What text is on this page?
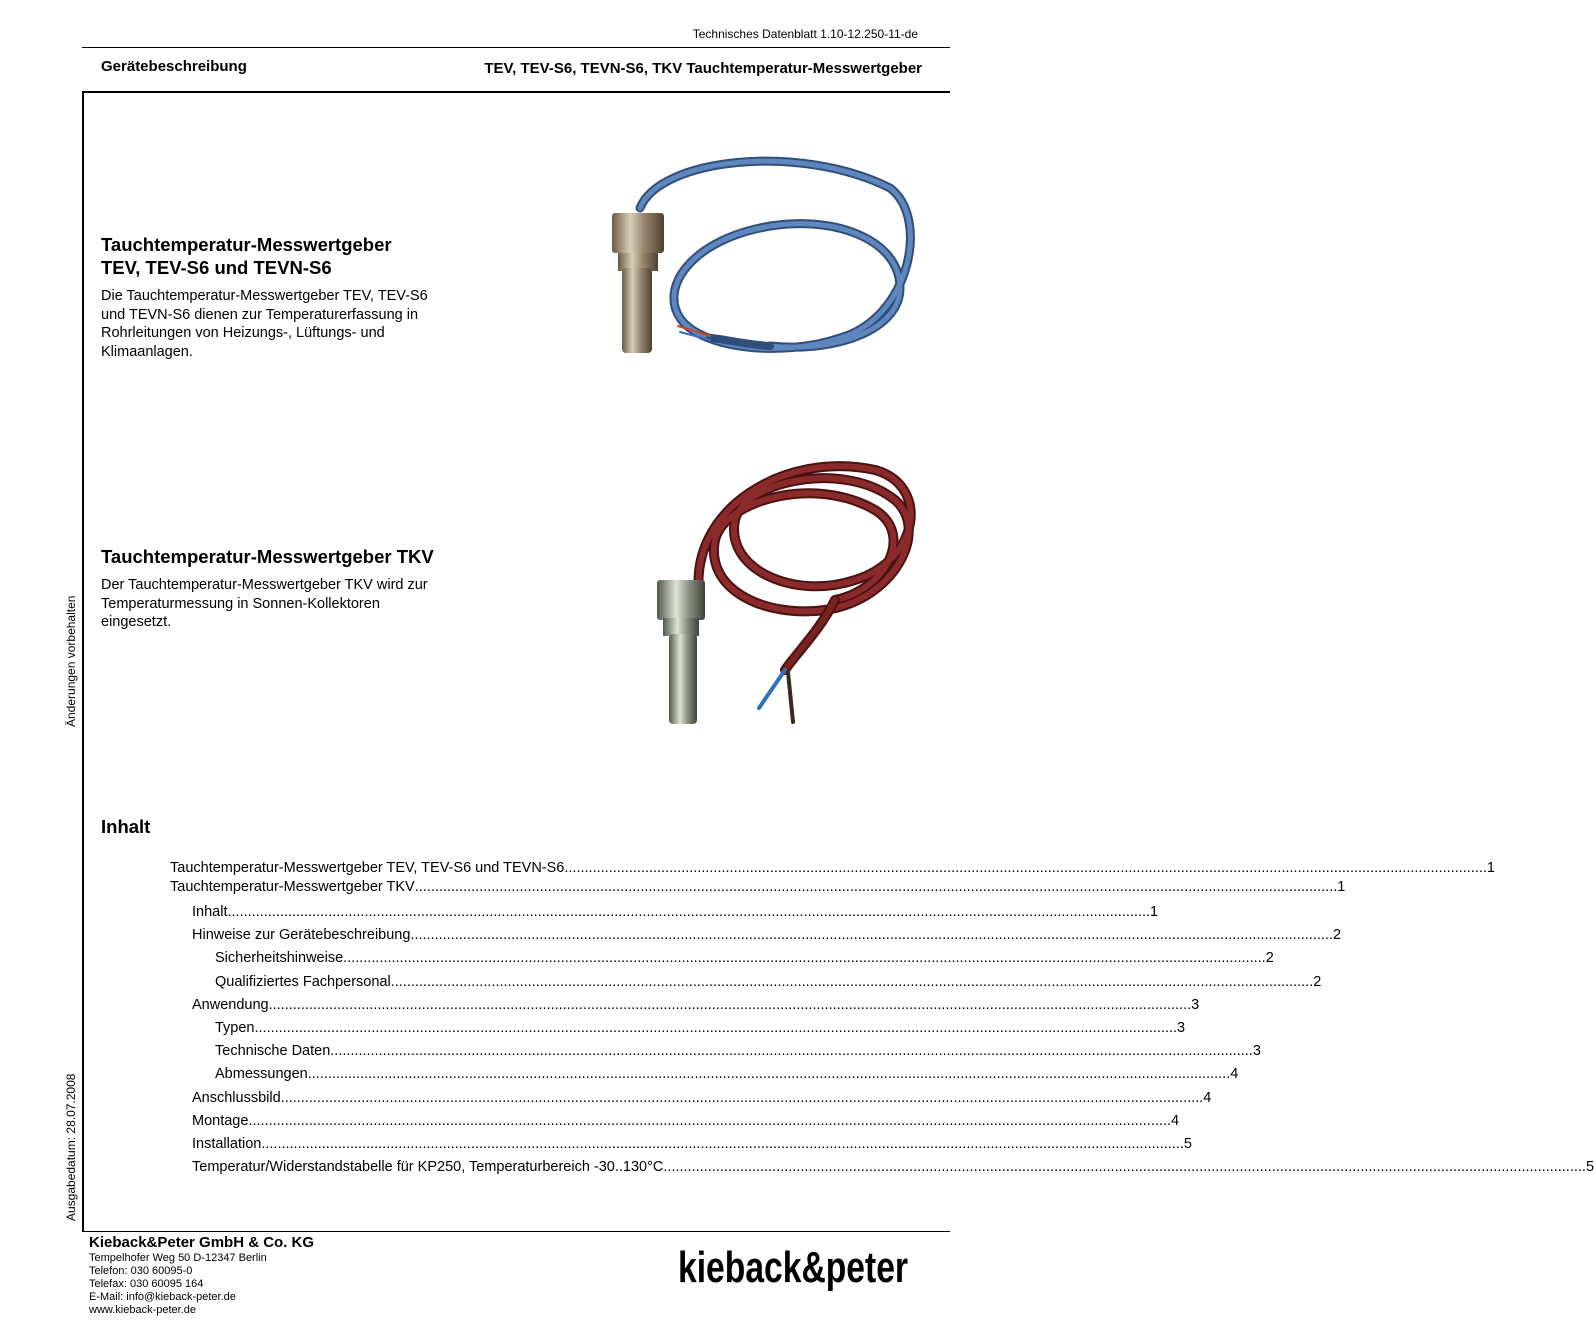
Technisches Datenblatt 1.10-12.250-11-de
Gerätebeschreibung	TEV, TEV-S6, TEVN-S6, TKV Tauchtemperatur-Messwertgeber
Änderungen vorbehalten
Ausgabedatum: 28.07.2008
Tauchtemperatur-Messwertgeber
TEV, TEV-S6 und TEVN-S6
Die Tauchtemperatur-Messwertgeber TEV, TEV-S6
und TEVN-S6 dienen zur Temperaturerfassung in
Rohrleitungen von Heizungs-, Lüftungs- und
Klimaanlagen.
Tauchtemperatur-Messwertgeber TKV
Der Tauchtemperatur-Messwertgeber TKV wird zur
Temperaturmessung in Sonnen-Kollektoren
eingesetzt.
Inhalt
Tauchtemperatur-Messwertgeber TEV, TEV-S6 und TEVN-S6 .....	1
Tauchtemperatur-Messwertgeber TKV .....	1
Inhalt .....	1
Hinweise zur Gerätebeschreibung .....	2
Sicherheitshinweise .....	2
Qualifiziertes Fachpersonal .....	2
Anwendung .....	3
Typen .....	3
Technische Daten .....	3
Abmessungen .....	4
Anschlussbild .....	4
Montage .....	4
Installation .....	5
Temperatur/Widerstandstabelle für KP250, Temperaturbereich -30..130°C .....	5
Kieback&Peter GmbH & Co. KG
Tempelhofer Weg 50 D-12347 Berlin
Telefon: 030 60095-0
Telefax: 030 60095 164
E-Mail: info@kieback-peter.de
www.kieback-peter.de
kieback&peter
